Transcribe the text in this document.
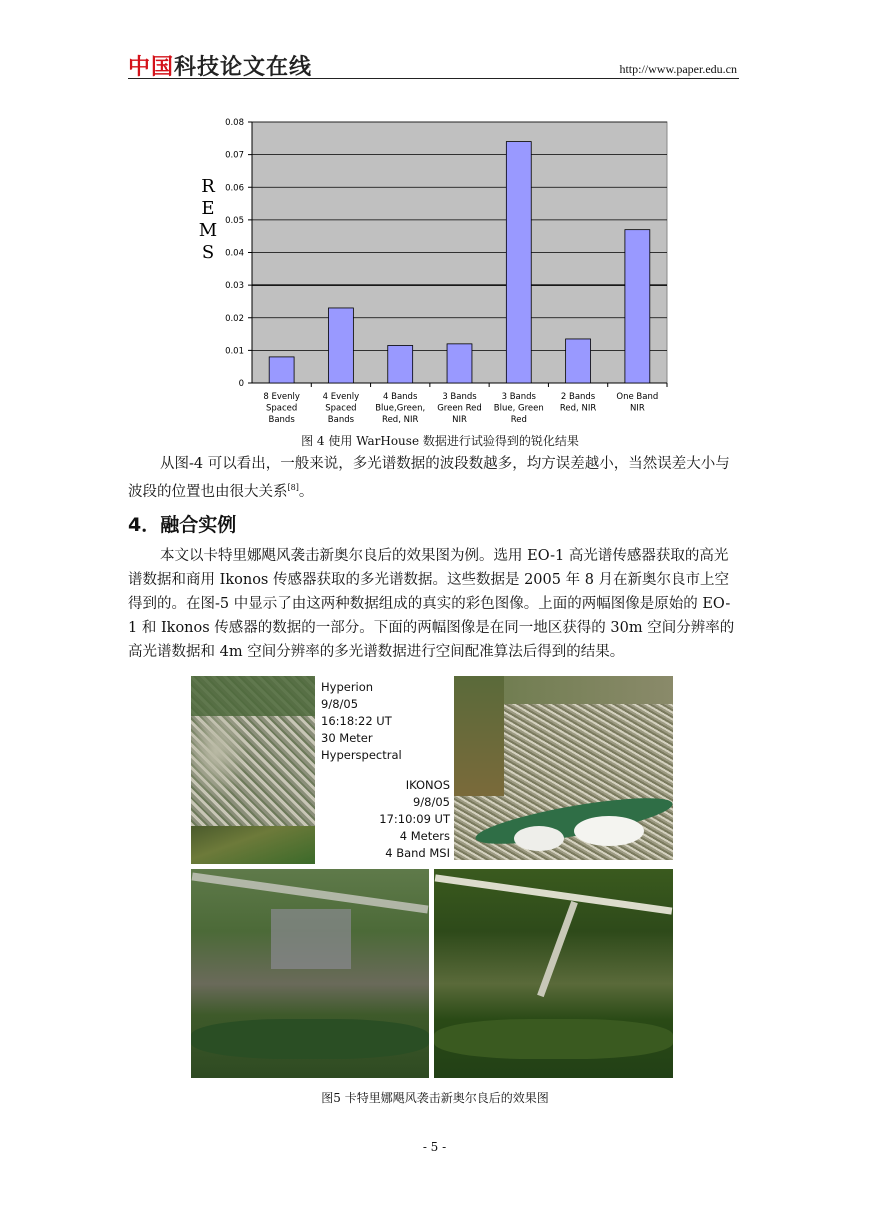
中国科技论文在线	http://www.paper.edu.cn
0
0.01
0.02
0.03
0.04
0.05
0.06
0.07
0.08
8 Evenly
Spaced
Bands
4 Evenly
Spaced
Bands
4 Bands
Blue,Green,
Red, NIR
3 Bands
Green Red
NIR
3 Bands
Blue, Green
Red
2 Bands
Red, NIR
One Band
NIR
R
E
M
S
图 4 使用 WarHouse 数据进行试验得到的锐化结果

从图-4 可以看出，一般来说，多光谱数据的波段数越多，均方误差越小，当然误差大小与波段的位置也由很大关系[8]。

4．融合实例

本文以卡特里娜飓风袭击新奥尔良后的效果图为例。选用 EO-1 高光谱传感器获取的高光谱数据和商用 Ikonos 传感器获取的多光谱数据。这些数据是 2005 年 8 月在新奥尔良市上空得到的。在图-5 中显示了由这两种数据组成的真实的彩色图像。上面的两幅图像是原始的 EO-1 和 Ikonos 传感器的数据的一部分。下面的两幅图像是在同一地区获得的 30m 空间分辨率的高光谱数据和 4m 空间分辨率的多光谱数据进行空间配准算法后得到的结果。

Hyperion
9/8/05
16:18:22 UT
30 Meter
Hyperspectral
IKONOS
9/8/05
17:10:09 UT
4 Meters
4 Band MSI
图5 卡特里娜飓风袭击新奥尔良后的效果图
- 5 -
